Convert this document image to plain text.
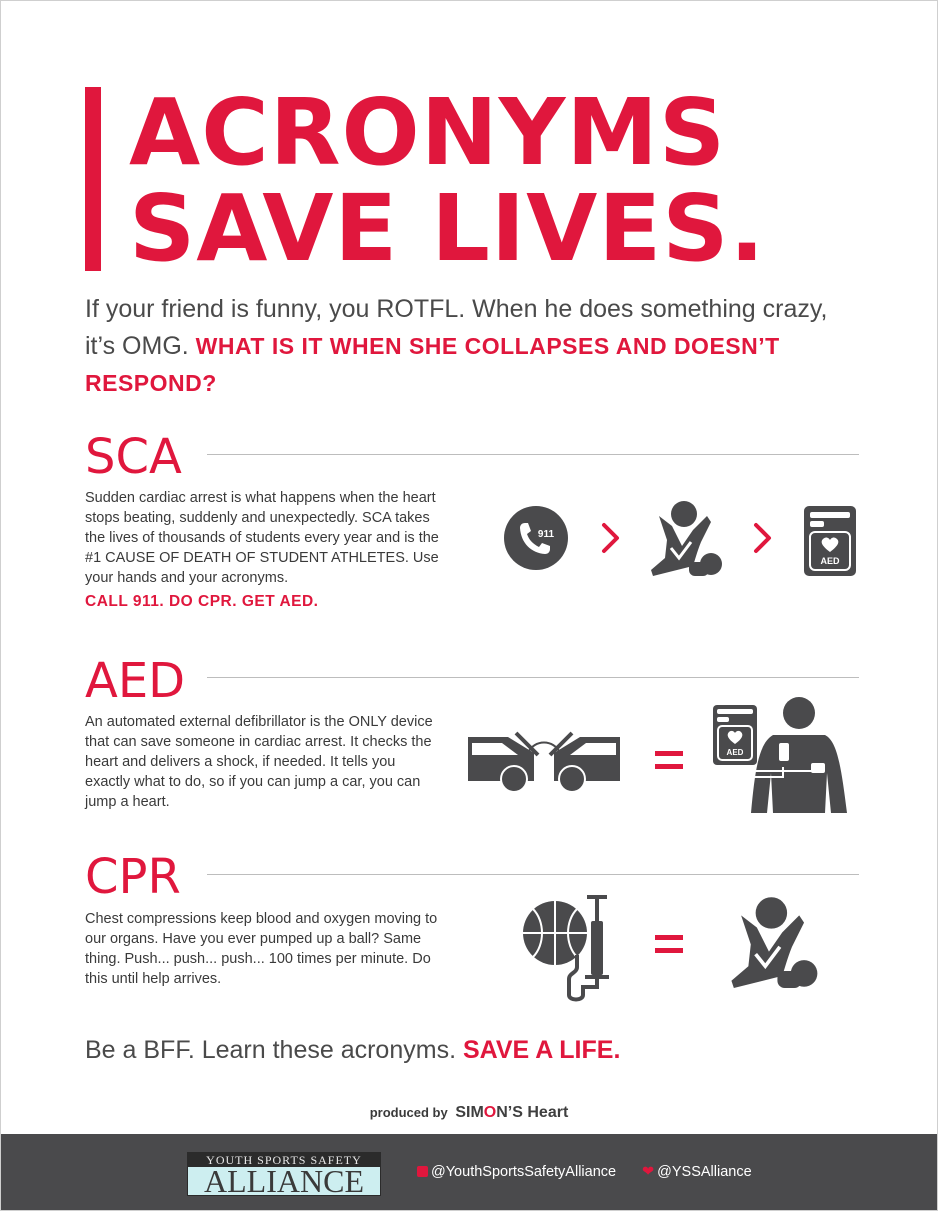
ACRONYMS
SAVE LIVES.

If your friend is funny, you ROTFL. When he does something crazy, it’s OMG. WHAT IS IT WHEN SHE COLLAPSES AND DOESN’T RESPOND?

SCA

Sudden cardiac arrest is what happens when the heart stops beating, suddenly and unexpectedly. SCA takes the lives of thousands of students every year and is the #1 CAUSE OF DEATH OF STUDENT ATHLETES. Use your hands and your acronyms.

CALL 911. DO CPR. GET AED.

911
AED
AED

An automated external defibrillator is the ONLY device that can save someone in cardiac arrest. It checks the heart and delivers a shock, if needed. It tells you exactly what to do, so if you can jump a car, you can jump a heart.

AED
CPR

Chest compressions keep blood and oxygen moving to our organs. Have you ever pumped up a ball? Same thing. Push... push... push... 100 times per minute. Do this until help arrives.

Be a BFF. Learn these acronyms. SAVE A LIFE.

produced by SIMON’S Heart
YOUTH SPORTS SAFETY
ALLIANCE	@YouthSportsSafetyAlliance ❤ @YSSAlliance
